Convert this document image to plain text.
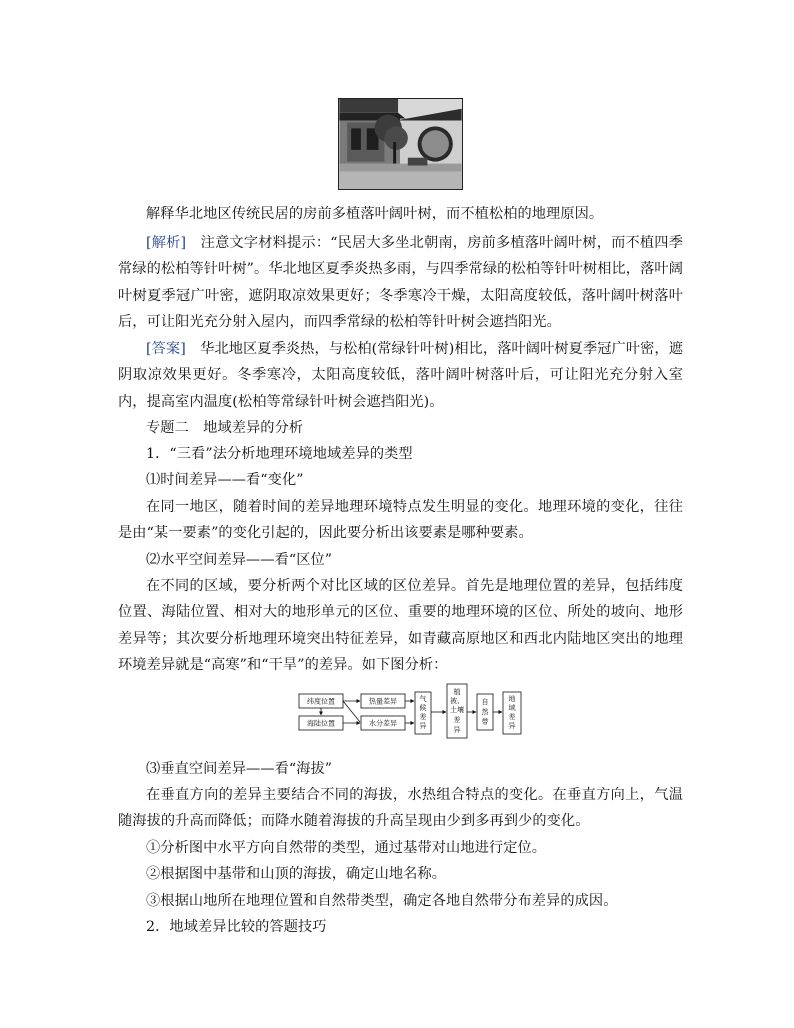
解释华北地区传统民居的房前多植落叶阔叶树，而不植松柏的地理原因。

[解析]　注意文字材料提示：“民居大多坐北朝南，房前多植落叶阔叶树，而不植四季常绿的松柏等针叶树”。华北地区夏季炎热多雨，与四季常绿的松柏等针叶树相比，落叶阔叶树夏季冠广叶密，遮阴取凉效果更好；冬季寒冷干燥，太阳高度较低，落叶阔叶树落叶后，可让阳光充分射入屋内，而四季常绿的松柏等针叶树会遮挡阳光。

[答案]　华北地区夏季炎热，与松柏(常绿针叶树)相比，落叶阔叶树夏季冠广叶密，遮阴取凉效果更好。冬季寒冷，太阳高度较低，落叶阔叶树落叶后，可让阳光充分射入室内，提高室内温度(松柏等常绿针叶树会遮挡阳光)。

专题二　地域差异的分析

1．“三看”法分析地理环境地域差异的类型

⑴时间差异——看“变化”

在同一地区，随着时间的差异地理环境特点发生明显的变化。地理环境的变化，往往是由“某一要素”的变化引起的，因此要分析出该要素是哪种要素。

⑵水平空间差异——看“区位”

在不同的区域，要分析两个对比区域的区位差异。首先是地理位置的差异，包括纬度位置、海陆位置、相对大的地形单元的区位、重要的地理环境的区位、所处的坡向、地形差异等；其次要分析地理环境突出特征差异，如青藏高原地区和西北内陆地区突出的地理环境差异就是“高寒”和“干旱”的差异。如下图分析：

纬度位置
海陆位置
热量差异
水分差异
气
候
差
异
植
被、
土壤
差
异
自
然
带
地
域
差
异

⑶垂直空间差异——看“海拔”

在垂直方向的差异主要结合不同的海拔，水热组合特点的变化。在垂直方向上，气温随海拔的升高而降低；而降水随着海拔的升高呈现由少到多再到少的变化。

①分析图中水平方向自然带的类型，通过基带对山地进行定位。

②根据图中基带和山顶的海拔，确定山地名称。

③根据山地所在地理位置和自然带类型，确定各地自然带分布差异的成因。

2．地域差异比较的答题技巧
